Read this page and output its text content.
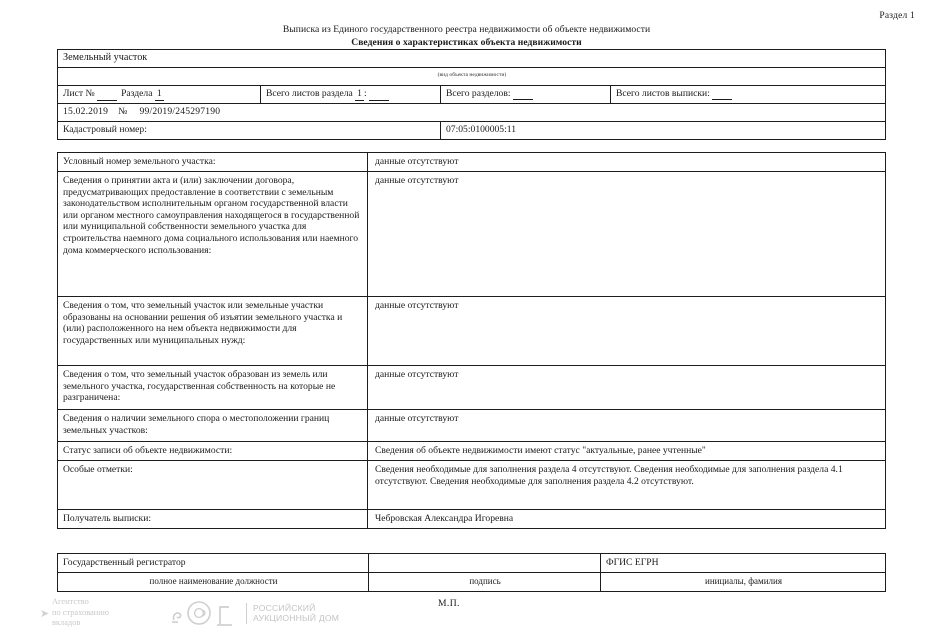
Раздел 1
Выписка из Единого государственного реестра недвижимости об объекте недвижимости
Сведения о характеристиках объекта недвижимости
Земельный участок			
(вид объекта недвижимости)			
Лист № Раздела 1	Всего листов раздела 1 :	Всего разделов:	Всего листов выписки:
15.02.2019 № 99/2019/245297190			
Кадастровый номер:		07:05:0100005:11	
Условный номер земельного участка:	данные отсутствуют
Сведения о принятии акта и (или) заключении договора, предусматривающих предоставление в соответствии с земельным законодательством исполнительным органом государственной власти или органом местного самоуправления находящегося в государственной или муниципальной собственности земельного участка для строительства наемного дома социального использования или наемного дома коммерческого использования:	данные отсутствуют
Сведения о том, что земельный участок или земельные участки образованы на основании решения об изъятии земельного участка и (или) расположенного на нем объекта недвижимости для государственных или муниципальных нужд:	данные отсутствуют
Сведения о том, что земельный участок образован из земель или земельного участка, государственная собственность на которые не разграничена:	данные отсутствуют
Сведения о наличии земельного спора о местоположении границ земельных участков:	данные отсутствуют
Статус записи об объекте недвижимости:	Сведения об объекте недвижимости имеют статус "актуальные, ранее учтенные"
Особые отметки:	Сведения необходимые для заполнения раздела 4 отсутствуют. Сведения необходимые для заполнения раздела 4.1 отсутствуют. Сведения необходимые для заполнения раздела 4.2 отсутствуют.
Получатель выписки:	Чебровская Александра Игоревна
Государственный регистратор		ФГИС ЕГРН
полное наименование должности	подпись	инициалы, фамилия
М.П.
➤
Агентство
по страхованию
вкладов
РОССИЙСКИЙ
АУКЦИОННЫЙ ДОМ
